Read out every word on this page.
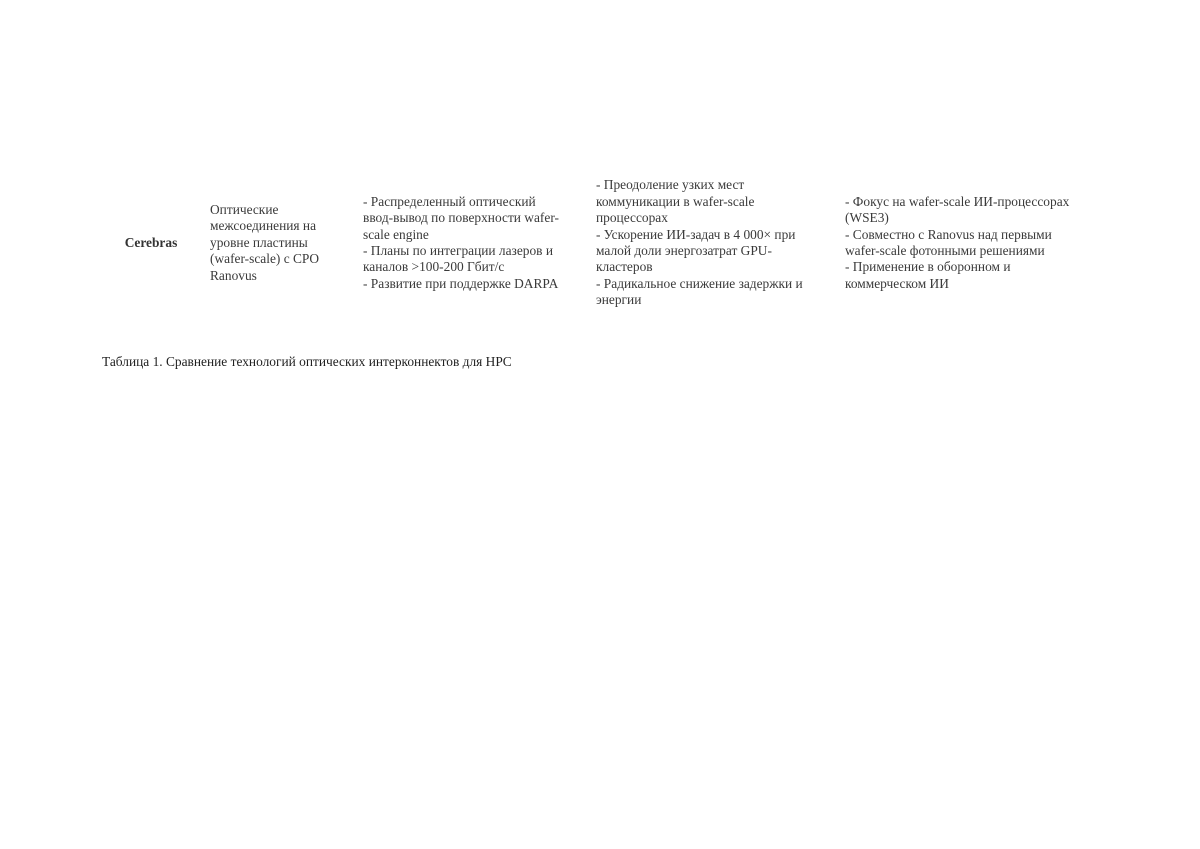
Cerebras
Оптические
межсоединения на
уровне пластины
(wafer-scale) с CPO
Ranovus
- Распределенный оптический
ввод-вывод по поверхности wafer-
scale engine
- Планы по интеграции лазеров и
каналов >100-200 Гбит/с
- Развитие при поддержке DARPA
- Преодоление узких мест
коммуникации в wafer-scale
процессорах
- Ускорение ИИ-задач в 4 000× при
малой доли энергозатрат GPU-
кластеров
- Радикальное снижение задержки и
энергии
- Фокус на wafer-scale ИИ-процессорах
(WSE3)
- Совместно с Ranovus над первыми
wafer-scale фотонными решениями
- Применение в оборонном и
коммерческом ИИ
Таблица 1. Сравнение технологий оптических интерконнектов для HPC
